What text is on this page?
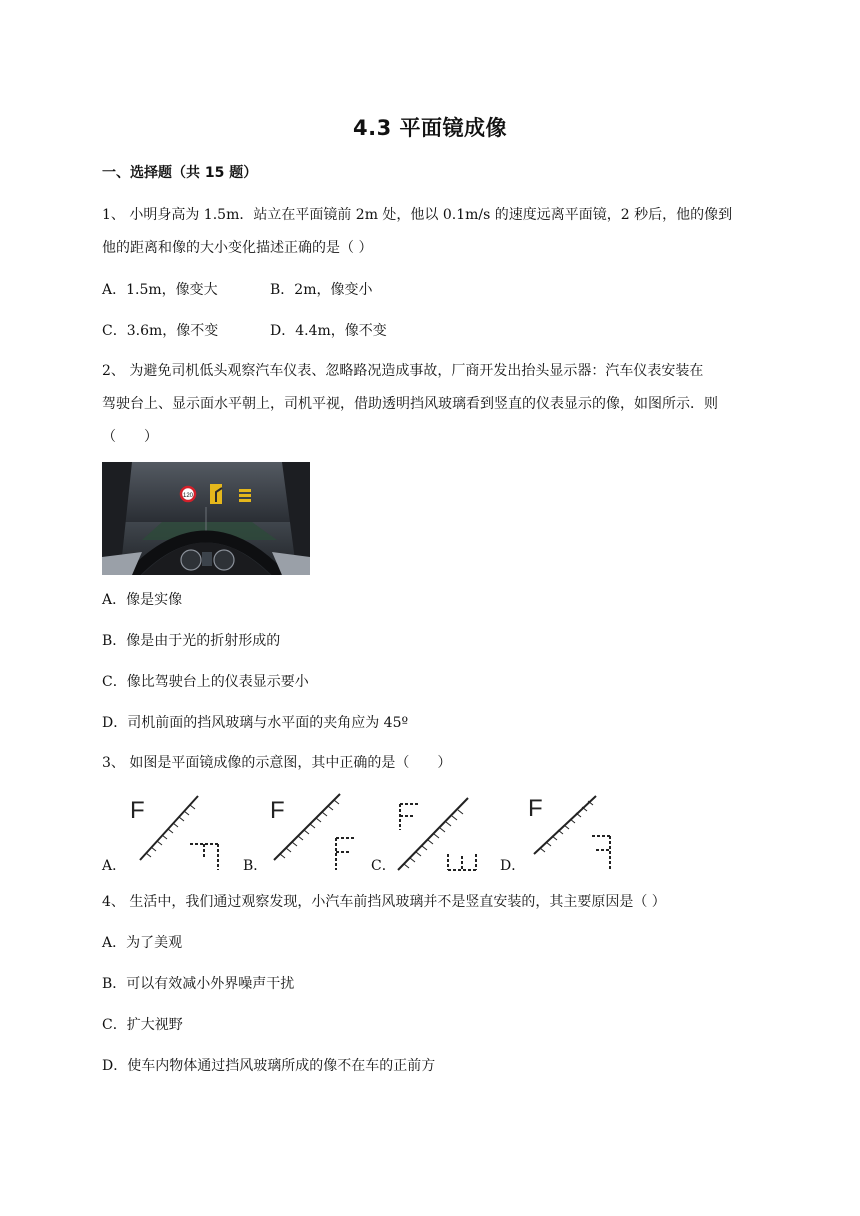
4.3 平面镜成像
一、选择题（共 15 题）
1、 小明身高为 1.5m．站立在平面镜前 2m 处，他以 0.1m/s 的速度远离平面镜，2 秒后，他的像到
他的距离和像的大小变化描述正确的是（ ）
A．1.5m，像变大	B．2m，像变小
C．3.6m，像不变	D．4.4m，像不变
2、 为避免司机低头观察汽车仪表、忽略路况造成事故，厂商开发出抬头显示器：汽车仪表安装在
驾驶台上、显示面水平朝上，司机平视，借助透明挡风玻璃看到竖直的仪表显示的像，如图所示．则
（　　）
120
A．像是实像
B．像是由于光的折射形成的
C．像比驾驶台上的仪表显示要小
D．司机前面的挡风玻璃与水平面的夹角应为 45º
3、 如图是平面镜成像的示意图，其中正确的是（　　）
A．
F
B．
F
C．	D．
F
4、 生活中，我们通过观察发现，小汽车前挡风玻璃并不是竖直安装的，其主要原因是（ ）
A．为了美观
B．可以有效减小外界噪声干扰
C．扩大视野
D．使车内物体通过挡风玻璃所成的像不在车的正前方
